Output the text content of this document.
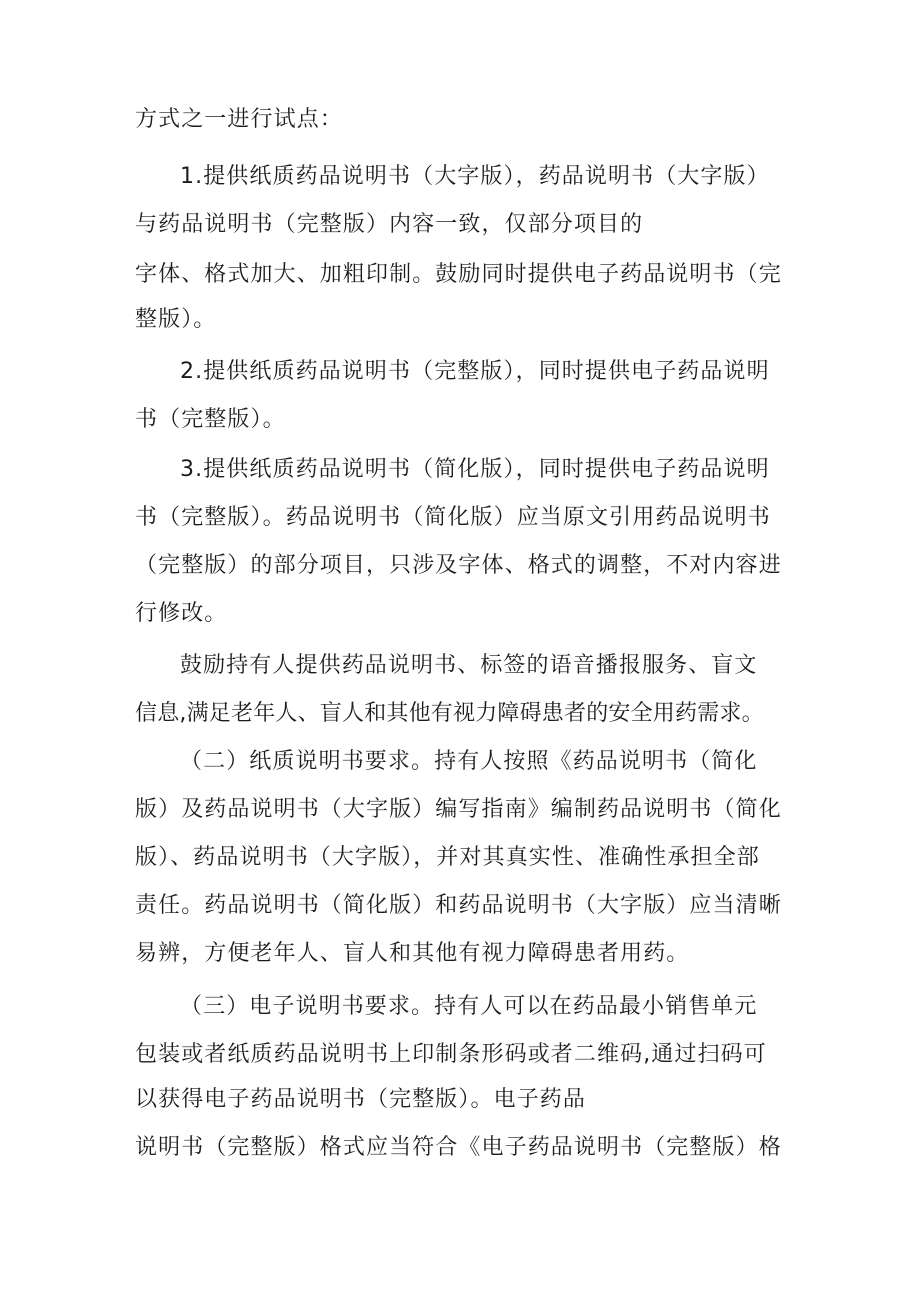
方式之一进行试点：
1.提供纸质药品说明书（大字版），药品说明书（大字版）
与药品说明书（完整版）内容一致，仅部分项目的
字体、格式加大、加粗印制。鼓励同时提供电子药品说明书（完
整版）。
2.提供纸质药品说明书（完整版），同时提供电子药品说明
书（完整版）。
3.提供纸质药品说明书（简化版），同时提供电子药品说明
书（完整版）。药品说明书（简化版）应当原文引用药品说明书
（完整版）的部分项目，只涉及字体、格式的调整，不对内容进
行修改。
鼓励持有人提供药品说明书、标签的语音播报服务、盲文
信息,满足老年人、盲人和其他有视力障碍患者的安全用药需求。
（二）纸质说明书要求。持有人按照《药品说明书（简化
版）及药品说明书（大字版）编写指南》编制药品说明书（简化
版）、药品说明书（大字版），并对其真实性、准确性承担全部
责任。药品说明书（简化版）和药品说明书（大字版）应当清晰
易辨，方便老年人、盲人和其他有视力障碍患者用药。
（三）电子说明书要求。持有人可以在药品最小销售单元
包装或者纸质药品说明书上印制条形码或者二维码,通过扫码可
以获得电子药品说明书（完整版）。电子药品
说明书（完整版）格式应当符合《电子药品说明书（完整版）格
